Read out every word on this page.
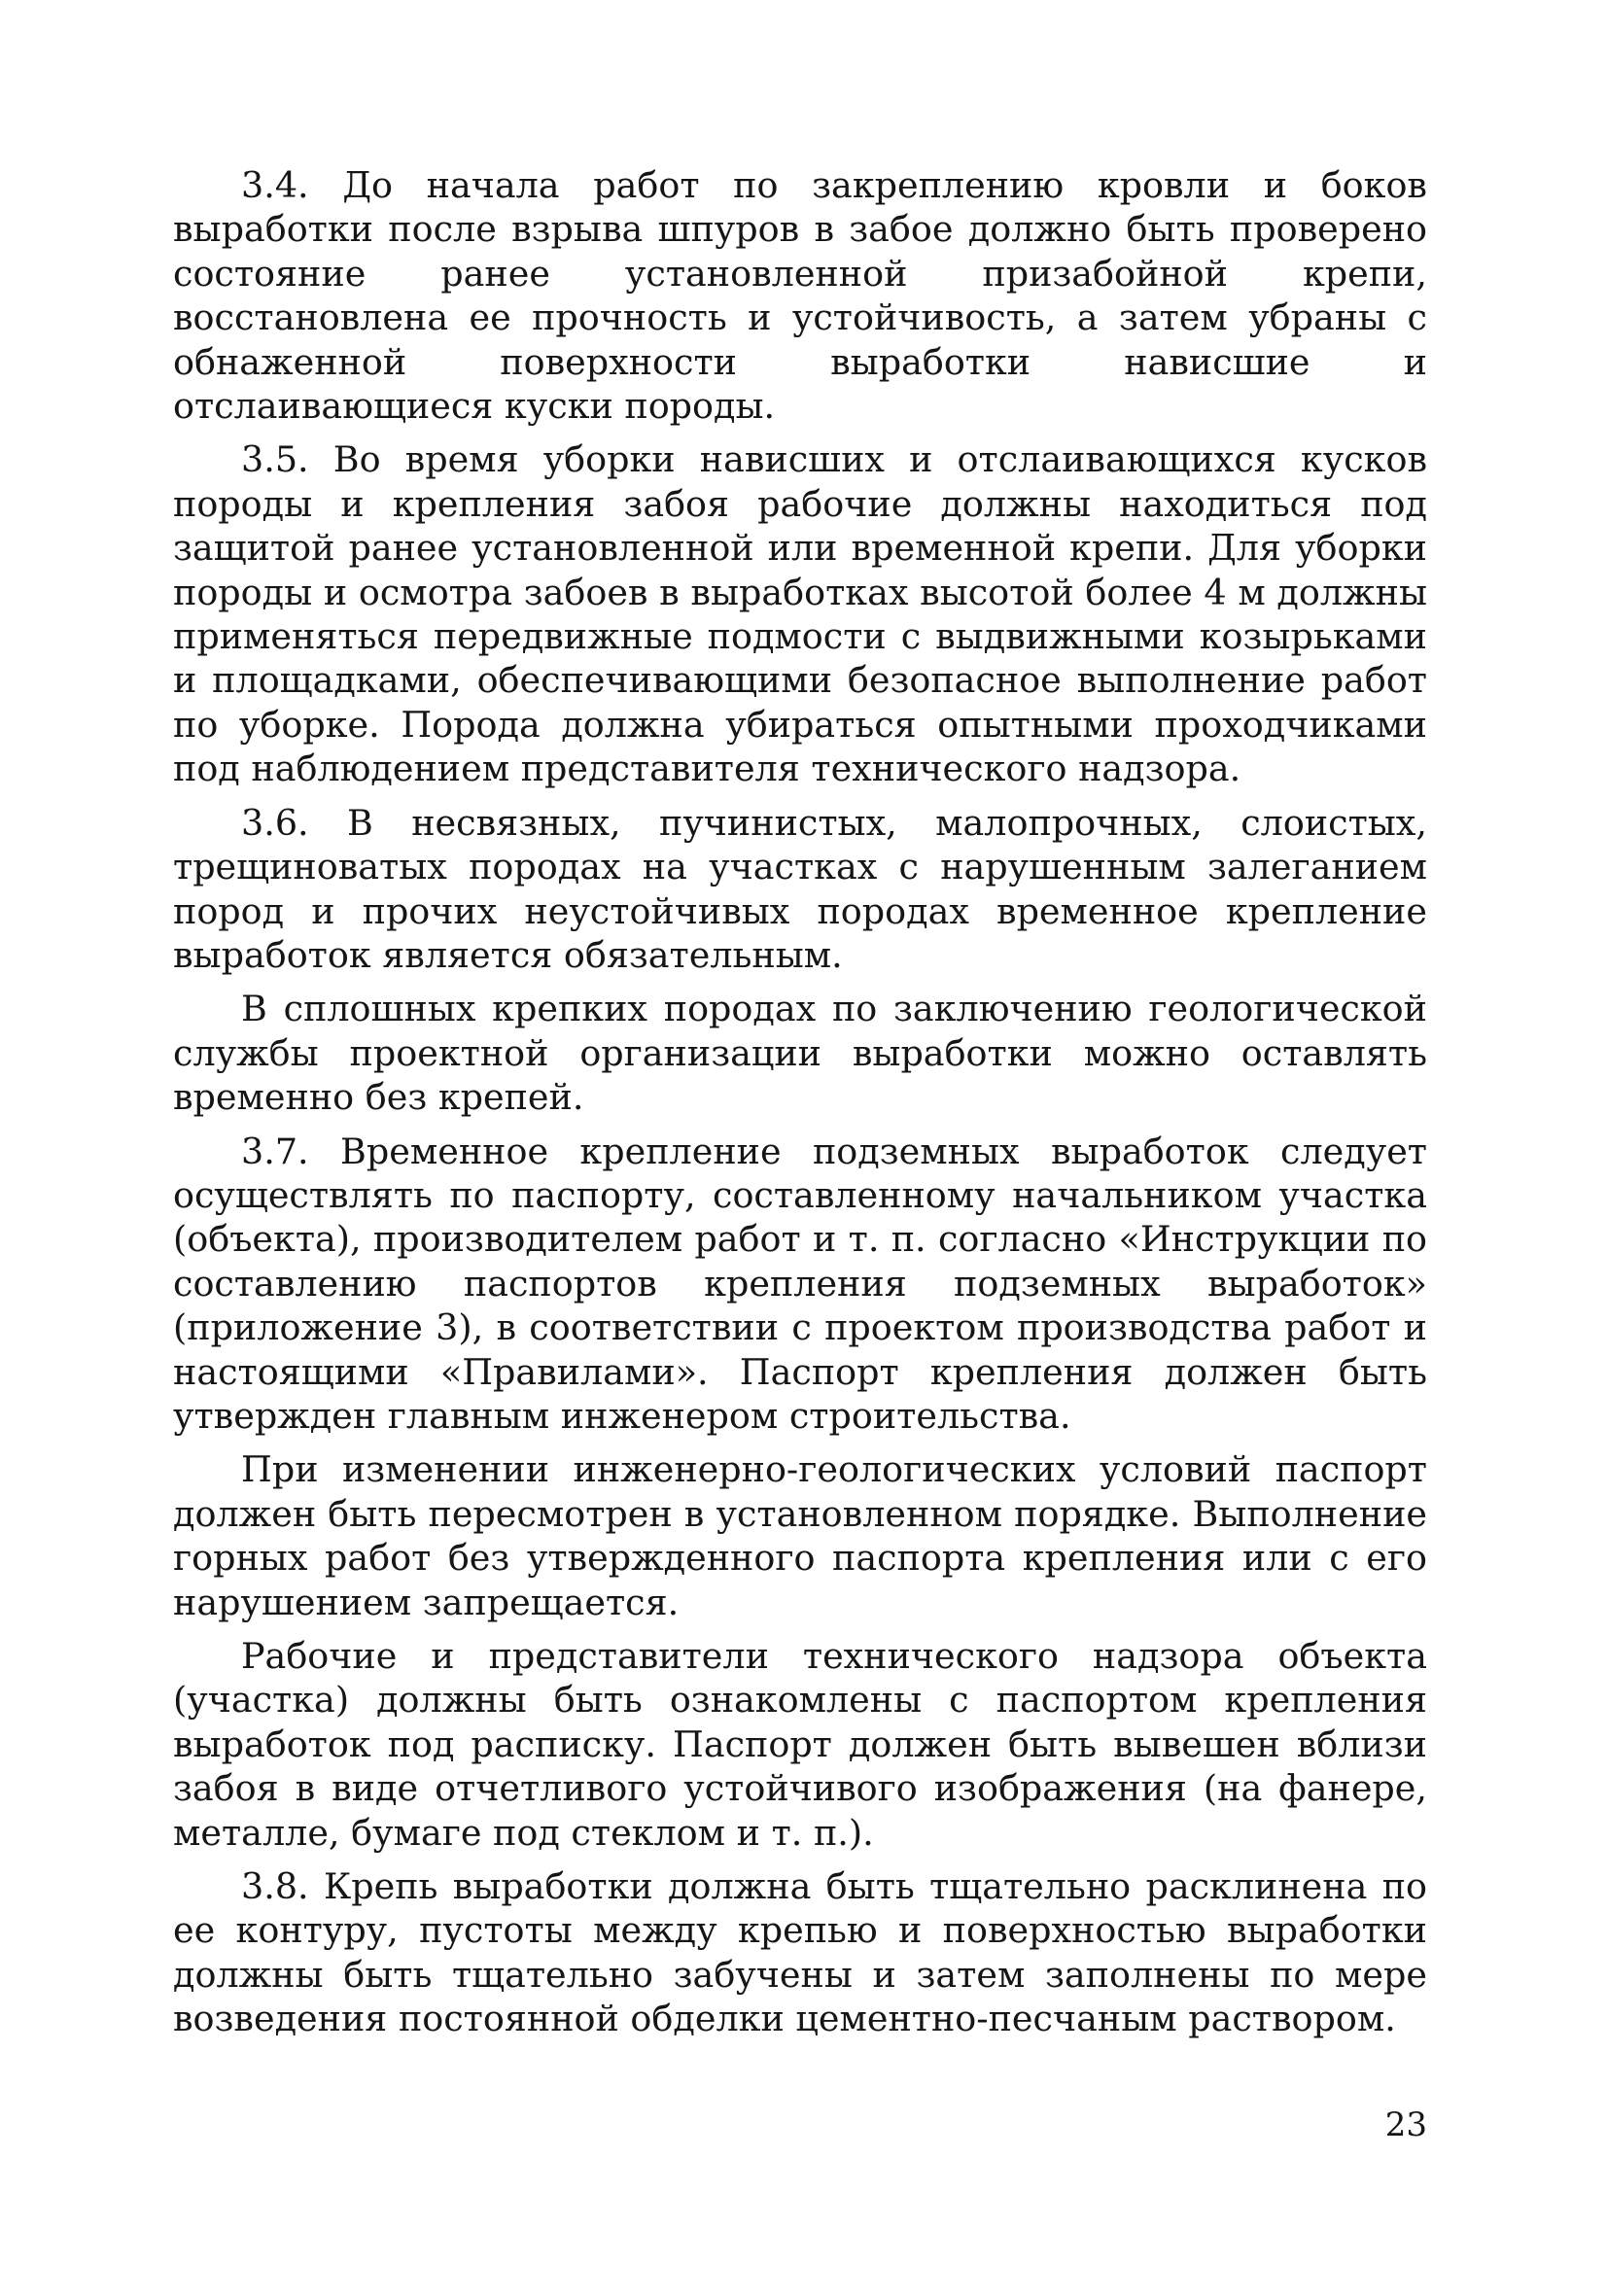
3.4. До начала работ по закреплению кровли и боков выработки после взрыва шпуров в забое должно быть проверено состояние ранее установленной призабойной крепи, восстановлена ее прочность и устойчивость, а затем убраны с обнаженной поверхности выработки нависшие и отслаивающиеся куски породы.

3.5. Во время уборки нависших и отслаивающихся кусков породы и крепления забоя рабочие должны находиться под защитой ранее установленной или временной крепи. Для уборки породы и осмотра забоев в выработках высотой более 4 м должны применяться передвижные подмости с выдвижными козырьками и площадками, обеспечивающими безопасное выполнение работ по уборке. Порода должна убираться опытными проходчиками под наблюдением представителя технического надзора.

3.6. В несвязных, пучинистых, малопрочных, слоистых, трещиноватых породах на участках с нарушенным залеганием пород и прочих неустойчивых породах временное крепление выработок является обязательным.

В сплошных крепких породах по заключению геологической службы проектной организации выработки можно оставлять временно без крепей.

3.7. Временное крепление подземных выработок следует осуществлять по паспорту, составленному начальником участка (объекта), производителем работ и т. п. согласно «Инструкции по составлению паспортов крепления подземных выработок» (приложение 3), в соответствии с проектом производства работ и настоящими «Правилами». Паспорт крепления должен быть утвержден главным инженером строительства.

При изменении инженерно-геологических условий паспорт должен быть пересмотрен в установленном порядке. Выполнение горных работ без утвержденного паспорта крепления или с его нарушением запрещается.

Рабочие и представители технического надзора объекта (участка) должны быть ознакомлены с паспортом крепления выработок под расписку. Паспорт должен быть вывешен вблизи забоя в виде отчетливого устойчивого изображения (на фанере, металле, бумаге под стеклом и т. п.).

3.8. Крепь выработки должна быть тщательно расклинена по ее контуру, пустоты между крепью и поверхностью выработки должны быть тщательно забучены и затем заполнены по мере возведения постоянной обделки цементно-песчаным раствором.

23
